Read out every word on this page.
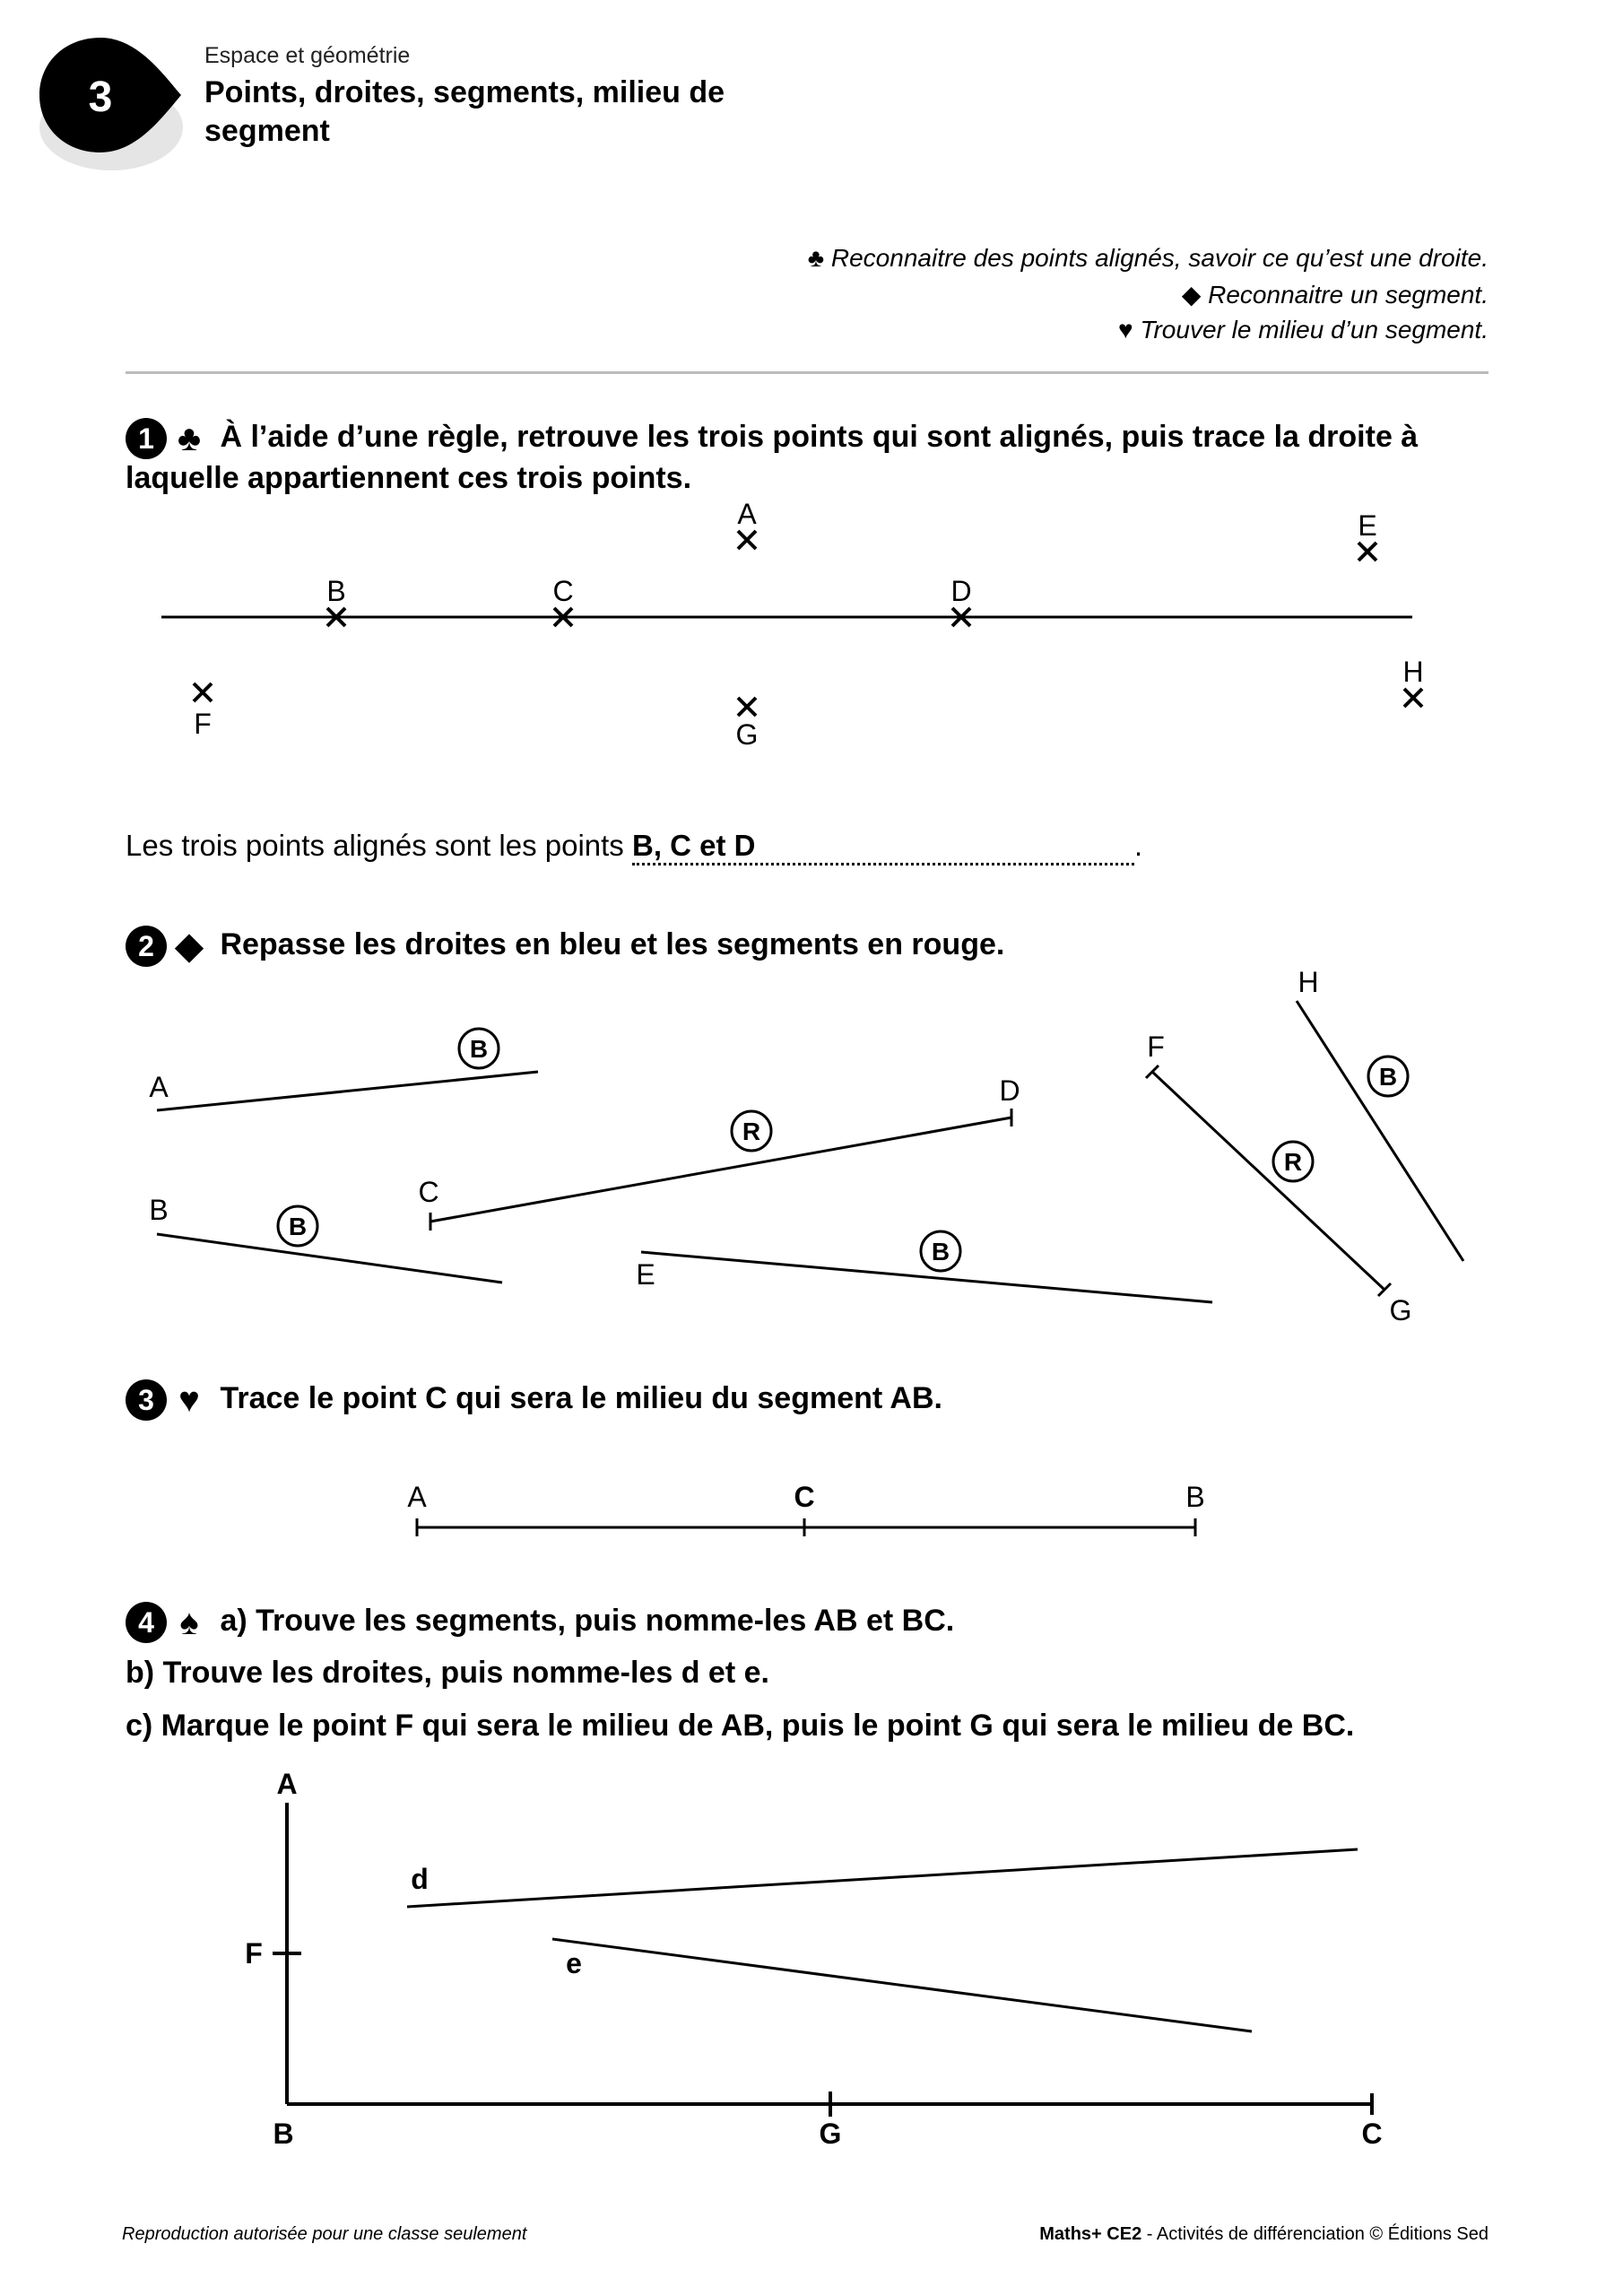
3
Espace et géométrie
Points, droites, segments, milieu de segment
♣ Reconnaitre des points alignés, savoir ce qu’est une droite.
◆ Reconnaitre un segment.
♥ Trouver le milieu d’un segment.
1 ♣ À l’aide d’une règle, retrouve les trois points qui sont alignés, puis trace la droite à laquelle appartiennent ces trois points.
A
B	C	D
E
F	G
H
Les trois points alignés sont les points B, C et D	.
2 ◆ Repasse les droites en bleu et les segments en rouge.
A
B
C
D
E
F
G
H
B
B
R
B
R
B
3 ♥ Trace le point C qui sera le milieu du segment AB.
A	C	B
4 ♠ a) Trouve les segments, puis nomme-les AB et BC.
b) Trouve les droites, puis nomme-les d et e.
c) Marque le point F qui sera le milieu de AB, puis le point G qui sera le milieu de BC.
A
F
B	G	C
d
e
Reproduction autorisée pour une classe seulement	Maths+ CE2 - Activités de différenciation © Éditions Sed
